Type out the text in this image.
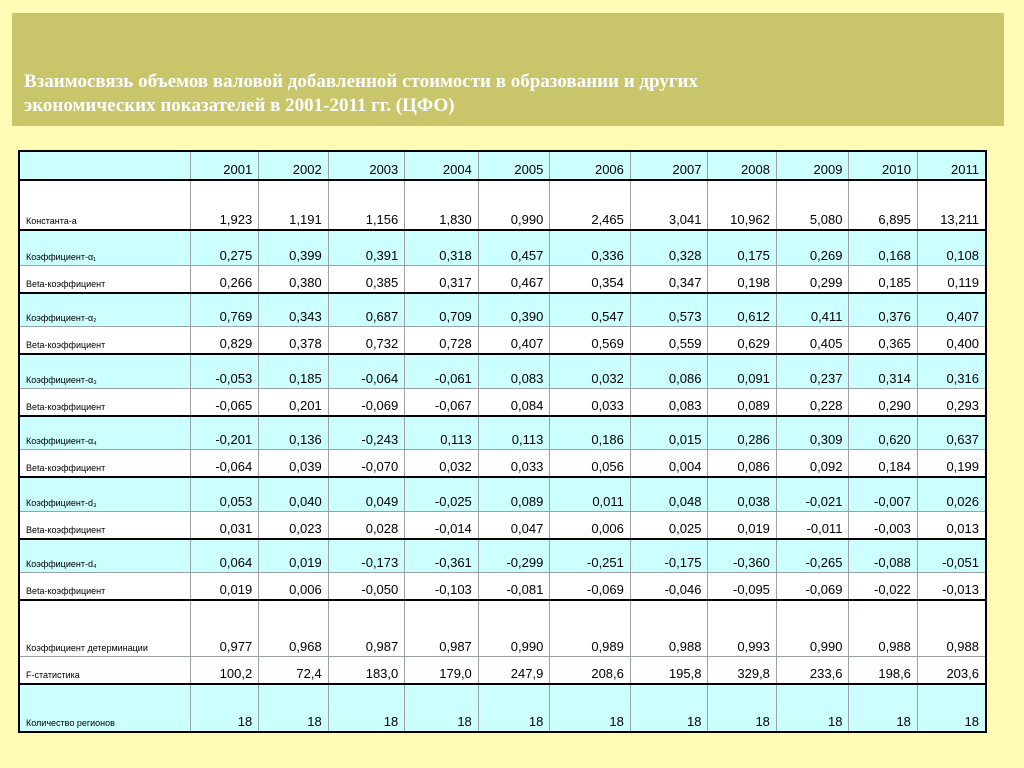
Взаимосвязь объемов валовой добавленной стоимости в образовании и других
экономических показателей в 2001-2011 гг. (ЦФО)
	2001	2002	2003	2004	2005	2006	2007	2008	2009	2010	2011
Константа-а	1,923	1,191	1,156	1,830	0,990	2,465	3,041	10,962	5,080	6,895	13,211
Коэффициент-α₁	0,275	0,399	0,391	0,318	0,457	0,336	0,328	0,175	0,269	0,168	0,108
Beta-коэффициент	0,266	0,380	0,385	0,317	0,467	0,354	0,347	0,198	0,299	0,185	0,119
Коэффициент-α₂	0,769	0,343	0,687	0,709	0,390	0,547	0,573	0,612	0,411	0,376	0,407
Beta-коэффициент	0,829	0,378	0,732	0,728	0,407	0,569	0,559	0,629	0,405	0,365	0,400
Коэффициент-α₃	-0,053	0,185	-0,064	-0,061	0,083	0,032	0,086	0,091	0,237	0,314	0,316
Beta-коэффициент	-0,065	0,201	-0,069	-0,067	0,084	0,033	0,083	0,089	0,228	0,290	0,293
Коэффициент-α₄	-0,201	0,136	-0,243	0,113	0,113	0,186	0,015	0,286	0,309	0,620	0,637
Beta-коэффициент	-0,064	0,039	-0,070	0,032	0,033	0,056	0,004	0,086	0,092	0,184	0,199
Коэффициент-d₃	0,053	0,040	0,049	-0,025	0,089	0,011	0,048	0,038	-0,021	-0,007	0,026
Beta-коэффициент	0,031	0,023	0,028	-0,014	0,047	0,006	0,025	0,019	-0,011	-0,003	0,013
Коэффициент-d₄	0,064	0,019	-0,173	-0,361	-0,299	-0,251	-0,175	-0,360	-0,265	-0,088	-0,051
Beta-коэффициент	0,019	0,006	-0,050	-0,103	-0,081	-0,069	-0,046	-0,095	-0,069	-0,022	-0,013
Коэффициент детерминации	0,977	0,968	0,987	0,987	0,990	0,989	0,988	0,993	0,990	0,988	0,988
F-статистика	100,2	72,4	183,0	179,0	247,9	208,6	195,8	329,8	233,6	198,6	203,6
Количество регионов	18	18	18	18	18	18	18	18	18	18	18
